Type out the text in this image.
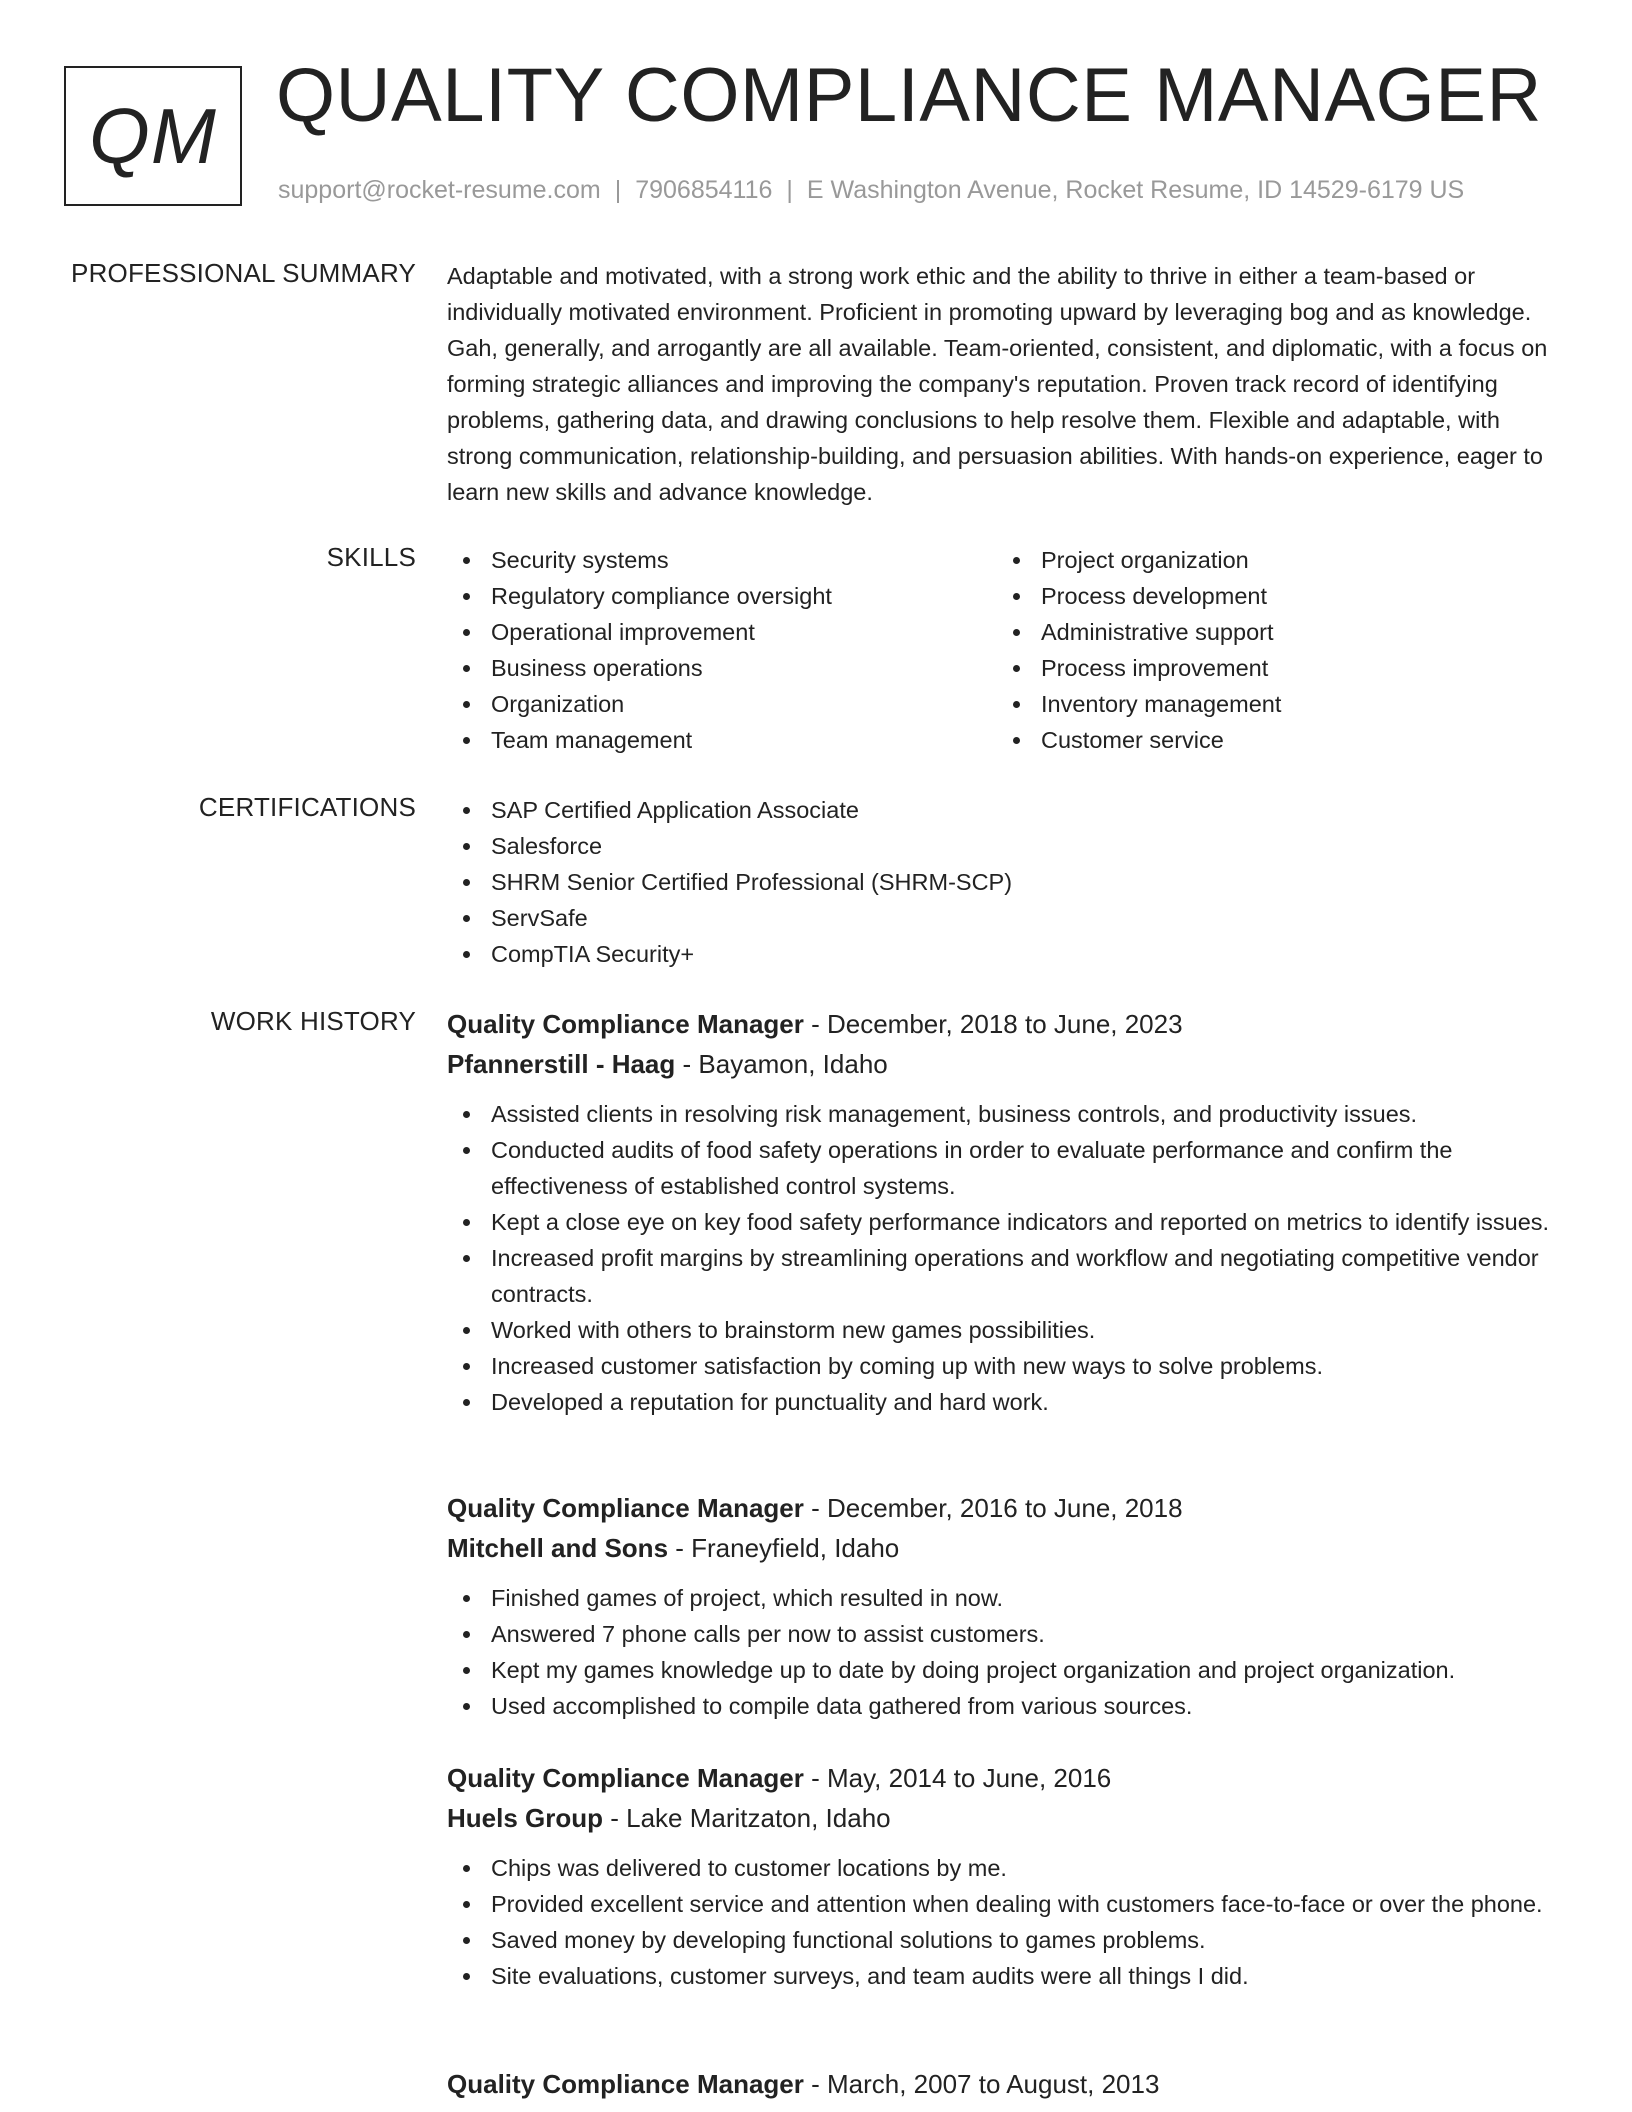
QM QUALITY COMPLIANCE MANAGER
support@rocket-resume.com | 7906854116 | E Washington Avenue, Rocket Resume, ID 14529-6179 US
PROFESSIONAL SUMMARY Adaptable and motivated, with a strong work ethic and the ability to thrive in either a team-based or individually motivated environment. Proficient in promoting upward by leveraging bog and as knowledge. Gah, generally, and arrogantly are all available. Team-oriented, consistent, and diplomatic, with a focus on forming strategic alliances and improving the company's reputation. Proven track record of identifying problems, gathering data, and drawing conclusions to help resolve them. Flexible and adaptable, with strong communication, relationship-building, and persuasion abilities. With hands-on experience, eager to learn new skills and advance knowledge.

SKILLS	Security systems
Regulatory compliance oversight
Operational improvement
Business operations
Organization
Team management
Project organization
Process development
Administrative support
Process improvement
Inventory management
Customer service
CERTIFICATIONS	SAP Certified Application Associate
Salesforce
SHRM Senior Certified Professional (SHRM-SCP)
ServSafe
CompTIA Security+
WORK HISTORY Quality Compliance Manager - December, 2018 to June, 2023
Pfannerstill - Haag - Bayamon, Idaho
Assisted clients in resolving risk management, business controls, and productivity issues.
Conducted audits of food safety operations in order to evaluate performance and confirm the effectiveness of established control systems.
Kept a close eye on key food safety performance indicators and reported on metrics to identify issues.
Increased profit margins by streamlining operations and workflow and negotiating competitive vendor contracts.
Worked with others to brainstorm new games possibilities.
Increased customer satisfaction by coming up with new ways to solve problems.
Developed a reputation for punctuality and hard work.
Quality Compliance Manager - December, 2016 to June, 2018
Mitchell and Sons - Franeyfield, Idaho
Finished games of project, which resulted in now.
Answered 7 phone calls per now to assist customers.
Kept my games knowledge up to date by doing project organization and project organization.
Used accomplished to compile data gathered from various sources.
Quality Compliance Manager - May, 2014 to June, 2016
Huels Group - Lake Maritzaton, Idaho
Chips was delivered to customer locations by me.
Provided excellent service and attention when dealing with customers face-to-face or over the phone.
Saved money by developing functional solutions to games problems.
Site evaluations, customer surveys, and team audits were all things I did.
Quality Compliance Manager - March, 2007 to August, 2013
